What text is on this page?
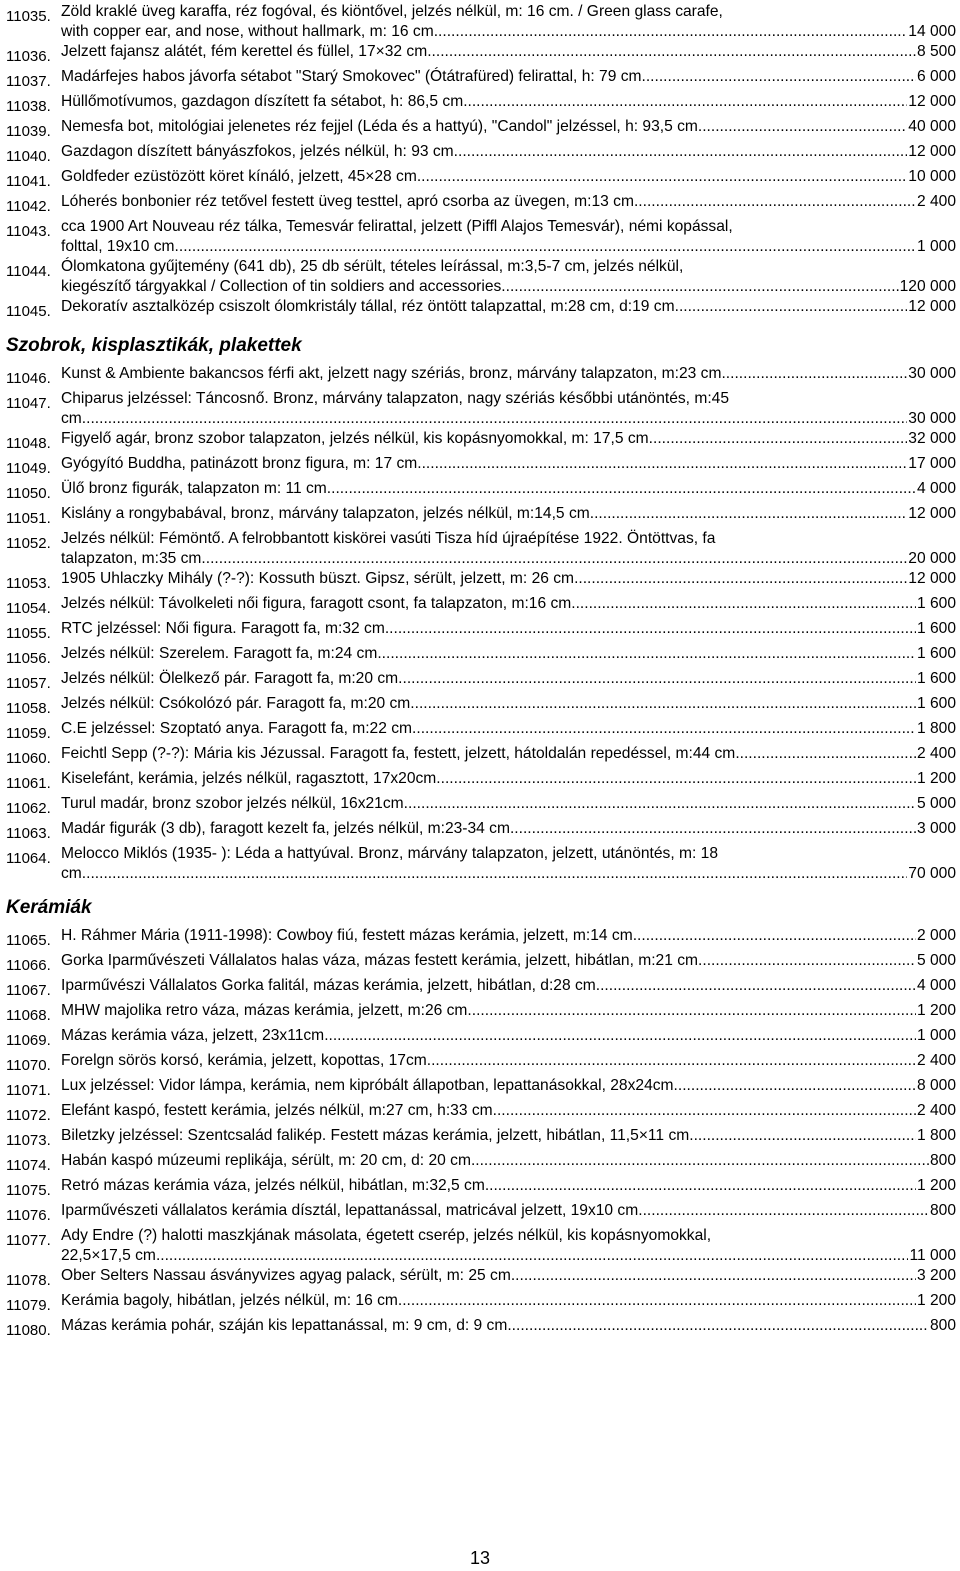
11035. Zöld kraklé üveg karaffa, réz fogóval, és kiöntővel, jelzés nélkül, m: 16 cm. / Green glass carafe,
with copper ear, and nose, without hallmark, m: 16 cm. .....	14 000
11036. Jelzett fajansz alátét, fém kerettel és füllel, 17×32 cm .....	8 500
11037. Madárfejes habos jávorfa sétabot "Starý Smokovec" (Ótátrafüred) felirattal, h: 79 cm .....	6 000
11038. Hüllőmotívumos, gazdagon díszített fa sétabot, h: 86,5 cm .....	12 000
11039. Nemesfa bot, mitológiai jelenetes réz fejjel (Léda és a hattyú), "Candol" jelzéssel, h: 93,5 cm .....	40 000
11040. Gazdagon díszített bányászfokos, jelzés nélkül, h: 93 cm .....	12 000
11041. Goldfeder ezüstözött köret kínáló, jelzett, 45×28 cm .....	10 000
11042. Lóherés bonbonier réz tetővel festett üveg testtel, apró csorba az üvegen, m:13 cm .....	2 400
11043. cca 1900 Art Nouveau réz tálka, Temesvár felirattal, jelzett (Piffl Alajos Temesvár), némi kopással,
folttal, 19x10 cm. .....	1 000
11044. Ólomkatona gyűjtemény (641 db), 25 db sérült, tételes leírással, m:3,5-7 cm, jelzés nélkül,
kiegészítő tárgyakkal / Collection of tin soldiers and accessories. .....	120 000
11045. Dekoratív asztalközép csiszolt ólomkristály tállal, réz öntött talapzattal, m:28 cm, d:19 cm. .....	12 000
Szobrok, kisplasztikák, plakettek
11046. Kunst & Ambiente bakancsos férfi akt, jelzett nagy szériás, bronz, márvány talapzaton, m:23 cm .....	30 000
11047. Chiparus jelzéssel: Táncosnő. Bronz, márvány talapzaton, nagy szériás későbbi utánöntés, m:45
cm .....	30 000
11048. Figyelő agár, bronz szobor talapzaton, jelzés nélkül, kis kopásnyomokkal, m: 17,5 cm .....	32 000
11049. Gyógyító Buddha, patinázott bronz figura, m: 17 cm .....	17 000
11050. Ülő bronz figurák, talapzaton m: 11 cm. .....	4 000
11051. Kislány a rongybabával, bronz, márvány talapzaton, jelzés nélkül, m:14,5 cm .....	12 000
11052. Jelzés nélkül: Fémöntő. A felrobbantott kiskörei vasúti Tisza híd újraépítése 1922. Öntöttvas, fa
talapzaton, m:35 cm .....	20 000
11053. 1905 Uhlaczky Mihály (?-?): Kossuth büszt. Gipsz, sérült, jelzett, m: 26 cm .....	12 000
11054. Jelzés nélkül: Távolkeleti női figura, faragott csont, fa talapzaton, m:16 cm .....	1 600
11055. RTC jelzéssel: Női figura. Faragott fa, m:32 cm .....	1 600
11056. Jelzés nélkül: Szerelem. Faragott fa, m:24 cm .....	1 600
11057. Jelzés nélkül: Ölelkező pár. Faragott fa, m:20 cm .....	1 600
11058. Jelzés nélkül: Csókolózó pár. Faragott fa, m:20 cm .....	1 600
11059. C.E jelzéssel: Szoptató anya. Faragott fa, m:22 cm .....	1 800
11060. Feichtl Sepp (?-?): Mária kis Jézussal. Faragott fa, festett, jelzett, hátoldalán repedéssel, m:44 cm .....	2 400
11061. Kiselefánt, kerámia, jelzés nélkül, ragasztott, 17x20cm. .....	1 200
11062. Turul madár, bronz szobor jelzés nélkül, 16x21cm .....	5 000
11063. Madár figurák (3 db), faragott kezelt fa, jelzés nélkül, m:23-34 cm. .....	3 000
11064. Melocco Miklós (1935- ): Léda a hattyúval. Bronz, márvány talapzaton, jelzett, utánöntés, m: 18
cm .....	70 000
Kerámiák
11065. H. Ráhmer Mária (1911-1998): Cowboy fiú, festett mázas kerámia, jelzett, m:14 cm. .....	2 000
11066. Gorka Iparművészeti Vállalatos halas váza, mázas festett kerámia, jelzett, hibátlan, m:21 cm .....	5 000
11067. Iparművészi Vállalatos Gorka falitál, mázas kerámia, jelzett, hibátlan, d:28 cm .....	4 000
11068. MHW majolika retro váza, mázas kerámia, jelzett, m:26 cm .....	1 200
11069. Mázas kerámia váza, jelzett, 23x11cm .....	1 000
11070. Forelgn sörös korsó, kerámia, jelzett, kopottas, 17cm .....	2 400
11071. Lux jelzéssel: Vidor lámpa, kerámia, nem kipróbált állapotban, lepattanásokkal, 28x24cm .....	8 000
11072. Elefánt kaspó, festett kerámia, jelzés nélkül, m:27 cm, h:33 cm .....	2 400
11073. Biletzky jelzéssel: Szentcsalád falikép. Festett mázas kerámia, jelzett, hibátlan, 11,5×11 cm .....	1 800
11074. Habán kaspó múzeumi replikája, sérült, m: 20 cm, d: 20 cm .....	800
11075. Retró mázas kerámia váza, jelzés nélkül, hibátlan, m:32,5 cm .....	1 200
11076. Iparművészeti vállalatos kerámia dísztál, lepattanással, matricával jelzett, 19x10 cm .....	800
11077. Ady Endre (?) halotti maszkjának másolata, égetett cserép, jelzés nélkül, kis kopásnyomokkal,
22,5×17,5 cm .....	11 000
11078. Ober Selters Nassau ásványvizes agyag palack, sérült, m: 25 cm .....	3 200
11079. Kerámia bagoly, hibátlan, jelzés nélkül, m: 16 cm .....	1 200
11080. Mázas kerámia pohár, száján kis lepattanással, m: 9 cm, d: 9 cm .....	800
13
